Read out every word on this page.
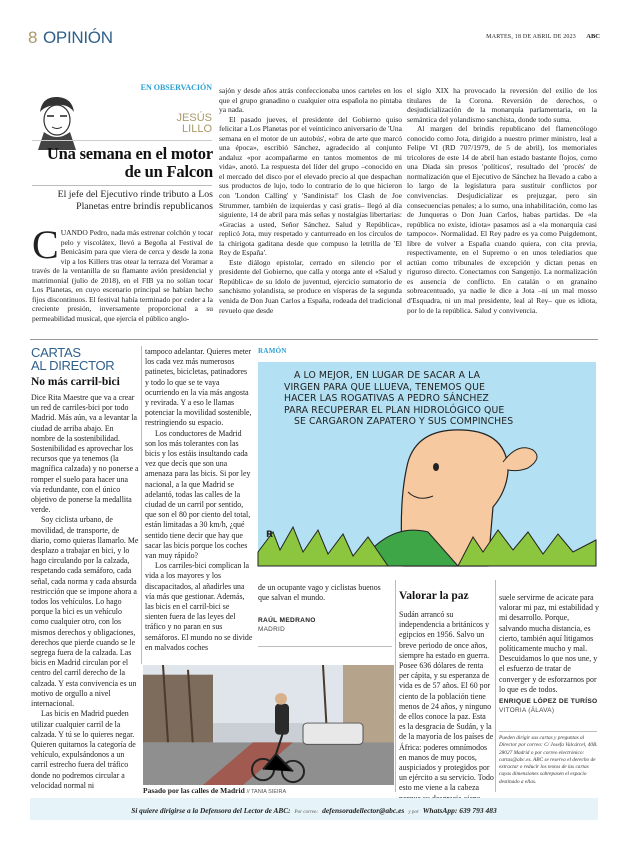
8 OPINIÓN	MARTES, 18 DE ABRIL DE 2023 ABC
EN OBSERVACIÓN
JESÚS
LILLO
Una semana en el motor de un Falcon
El jefe del Ejecutivo rinde tributo a Los Planetas entre brindis republicanos

CUANDO Pedro, nada más estrenar colchón y tocar pelo y viscolátex, llevó a Begoña al Festival de Benicàsim para que viera de cerca y desde la zona vip a los Killers tras otear la terraza del Voramar a través de la ventanilla de su flamante avión presidencial y matrimonial (julio de 2018), en el FIB ya no solían tocar Los Planetas, en cuyo escenario principal se habían hecho fijos discontinuos. El festival había terminado por ceder a la creciente presión, inversamente proporcional a su permeabilidad musical, que ejercía el público anglo-

sajón y desde años atrás confeccionaba unos carteles en los que el grupo granadino o cualquier otra española no pintaba ya nada.

El pasado jueves, el presidente del Gobierno quiso felicitar a Los Planetas por el veinticinco aniversario de 'Una semana en el motor de un autobús', «obra de arte que marcó una época», escribió Sánchez, agradecido al conjunto andaluz «por acompañarme en tantos momentos de mi vida», anotó. La respuesta del líder del grupo –conocido en el mercado del disco por el elevado precio al que despachan sus productos de lujo, todo lo contrario de lo que hicieron con 'London Calling' y 'Sandinista!' los Clash de Joe Strummer, también de izquierdas y casi gratis– llegó al día siguiente, 14 de abril para más señas y nostalgias libertarias: «Gracias a usted, Señor Sánchez. Salud y República», replicó Jota, muy respetado y canturreado en los círculos de la chirigota gaditana desde que compuso la letrilla de 'El Rey de España'.

Este diálogo epistolar, cerrado en silencio por el presidente del Gobierno, que calla y otorga ante el «Salud y República» de su ídolo de juventud, ejercicio sumatorio de sanchismo yolandista, se produce en vísperas de la segunda venida de Don Juan Carlos a España, rodeada del tradicional revuelo que desde

el siglo XIX ha provocado la reversión del exilio de los titulares de la Corona. Reversión de derechos, o desjudicialización de la monarquía parlamentaria, en la semántica del yolandismo sanchista, donde todo suma.

Al margen del brindis republicano del flamencólogo conocido como Jota, dirigido a nuestro primer ministro, leal a Felipe VI (RD 707/1979, de 5 de abril), los memoriales tricolores de este 14 de abril han estado bastante flojos, como una Diada sin presos 'políticos', resultado del 'procés' de normalización que el Ejecutivo de Sánchez ha llevado a cabo a lo largo de la legislatura para sustituir conflictos por convivencias. Desjudicializar es prejuzgar, pero sin consecuencias penales; a lo sumo, una inhabilitación, como las de Junqueras o Don Juan Carlos, habas partidas. De «la república no existe, idiota» pasamos así a «la monarquía casi tampoco». Normalidad. El Rey padre es ya como Puigdemont, libre de volver a España cuando quiera, con cita previa, respectivamente, en el Supremo o en unos telediarios que actúan como tribunales de excepción y dictan penas en riguroso directo. Conectamos con Sangenjo. La normalización es ausencia de conflicto. En catalán o en granaíno sobreacentuado, ya nadie le dice a Jota –ni un mal mosso d'Esquadra, ni un mal presidente, leal al Rey– que es idiota, por lo de la república. Salud y convivencia.

CARTAS
AL DIRECTOR
No más carril-bici

Dice Rita Maestre que va a crear un red de carriles-bici por todo Madrid. Más aún, va a levantar la ciudad de arriba abajo. En nombre de la sostenibilidad. Sostenibilidad es aprovechar los recursos que ya tenemos (la magnífica calzada) y no ponerse a romper el suelo para hacer una vía redundante, con el único objetivo de ponerse la medallita verde.

Soy ciclista urbano, de movilidad, de transporte, de diario, como quieras llamarlo. Me desplazo a trabajar en bici, y lo hago circulando por la calzada, respetando cada semáforo, cada señal, cada norma y cada absurda restricción que se impone ahora a todos los vehículos. Lo hago porque la bici es un vehículo como cualquier otro, con los mismos derechos y obligaciones, derechos que pierde cuando se le segrega fuera de la calzada. Las bicis en Madrid circulan por el centro del carril derecho de la calzada. Y esta convivencia es un motivo de orgullo a nivel internacional.

Las bicis en Madrid pueden utilizar cualquier carril de la calzada. Y tú se lo quieres negar. Quieren quitarnos la categoría de vehículo, expulsándonos a un carril estrecho fuera del tráfico donde no podremos circular a velocidad normal ni

tampoco adelantar. Quieres meter los cada vez más numerosos patinetes, bicicletas, patinadores y todo lo que se te vaya ocurriendo en la vía más angosta y revirada. Y a eso le llamas potenciar la movilidad sostenible, restringiendo su espacio.

Los conductores de Madrid son los más tolerantes con las bicis y los estáis insultando cada vez que decís que son una amenaza para las bicis. Si por ley nacional, a la que Madrid se adelantó, todas las calles de la ciudad de un carril por sentido, que son el 80 por ciento del total, están limitadas a 30 km/h, ¿qué sentido tiene decir que hay que sacar las bicis porque los coches van muy rápido?

Los carriles-bici complican la vida a los mayores y los discapacitados, al añadirles una vía más que gestionar. Además, las bicis en el carril-bici se sienten fuera de las leyes del tráfico y no paran en sus semáforos. El mundo no se divide en malvados coches

RAMÓN
A LO MEJOR, EN LUGAR DE SACAR A LA
VIRGEN PARA QUE LLUEVA, TENEMOS QUE
HACER LAS ROGATIVAS A PEDRO SÁNCHEZ
PARA RECUPERAR EL PLAN HIDROLÓGICO QUE
SE CARGARON ZAPATERO Y SUS COMPINCHES
R

de un ocupante vago y ciclistas buenos que salvan el mundo.

RAÚL MEDRANO
MADRID
Pasado por las calles de Madrid // TANIA SIEIRA
Valorar la paz

Sudán arrancó su independencia a británicos y egipcios en 1956. Salvo un breve periodo de once años, siempre ha estado en guerra. Posee 636 dólares de renta per cápita, y su esperanza de vida es de 57 años. El 60 por ciento de la población tiene menos de 24 años, y ninguno de ellos conoce la paz. Esta es la desgracia de Sudán, y la de la mayoría de los países de África: poderes omnímodos en manos de muy pocos, auspiciados y protegidos por un ejército a su servicio. Todo esto me viene a la cabeza

suele servirme de acicate para valorar mi paz, mi estabilidad y mi desarrollo. Porque, salvando mucha distancia, es cierto, también aquí litigamos políticamente mucho y mal. Descuidamos lo que nos une, y el esfuerzo de tratar de converger y de esforzarnos por lo que es de todos.

ENRIQUE LÓPEZ DE TURÍSO
VITORIA (ÁLAVA)
Pueden dirigir sus cartas y preguntas al Director por correo: C/ Josefa Valcárcel, 40B. 28027 Madrid o por correo electrónico: cartas@abc.es. ABC se reserva el derecho de extractar o reducir los textos de las cartas cuyas dimensiones sobrepasen el espacio destinado a ellas.
Si quiere dirigirse a la Defensora del Lector de ABC: Por correo: defensoradellector@abc.es y por WhatsApp: 639 793 483
